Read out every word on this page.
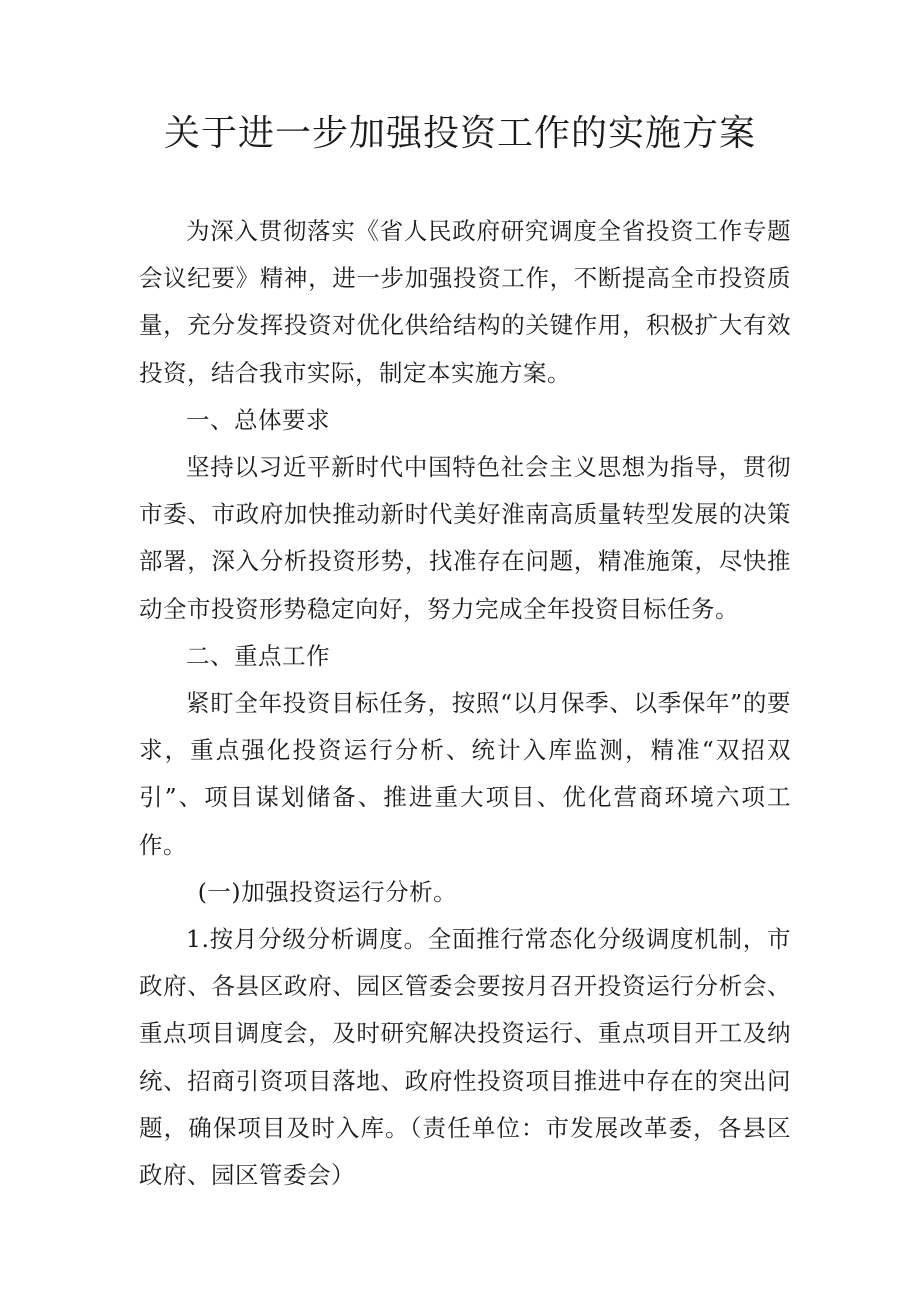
关于进一步加强投资工作的实施方案

为深入贯彻落实《省人民政府研究调度全省投资工作专题会议纪要》精神，进一步加强投资工作，不断提高全市投资质量，充分发挥投资对优化供给结构的关键作用，积极扩大有效投资，结合我市实际，制定本实施方案。

一、总体要求

坚持以习近平新时代中国特色社会主义思想为指导，贯彻市委、市政府加快推动新时代美好淮南高质量转型发展的决策部署，深入分析投资形势，找准存在问题，精准施策，尽快推动全市投资形势稳定向好，努力完成全年投资目标任务。

二、重点工作

紧盯全年投资目标任务，按照“以月保季、以季保年”的要求，重点强化投资运行分析、统计入库监测，精准“双招双引”、项目谋划储备、推进重大项目、优化营商环境六项工作。

(一)加强投资运行分析。

1.按月分级分析调度。全面推行常态化分级调度机制，市政府、各县区政府、园区管委会要按月召开投资运行分析会、重点项目调度会，及时研究解决投资运行、重点项目开工及纳统、招商引资项目落地、政府性投资项目推进中存在的突出问题，确保项目及时入库。（责任单位：市发展改革委，各县区政府、园区管委会）
